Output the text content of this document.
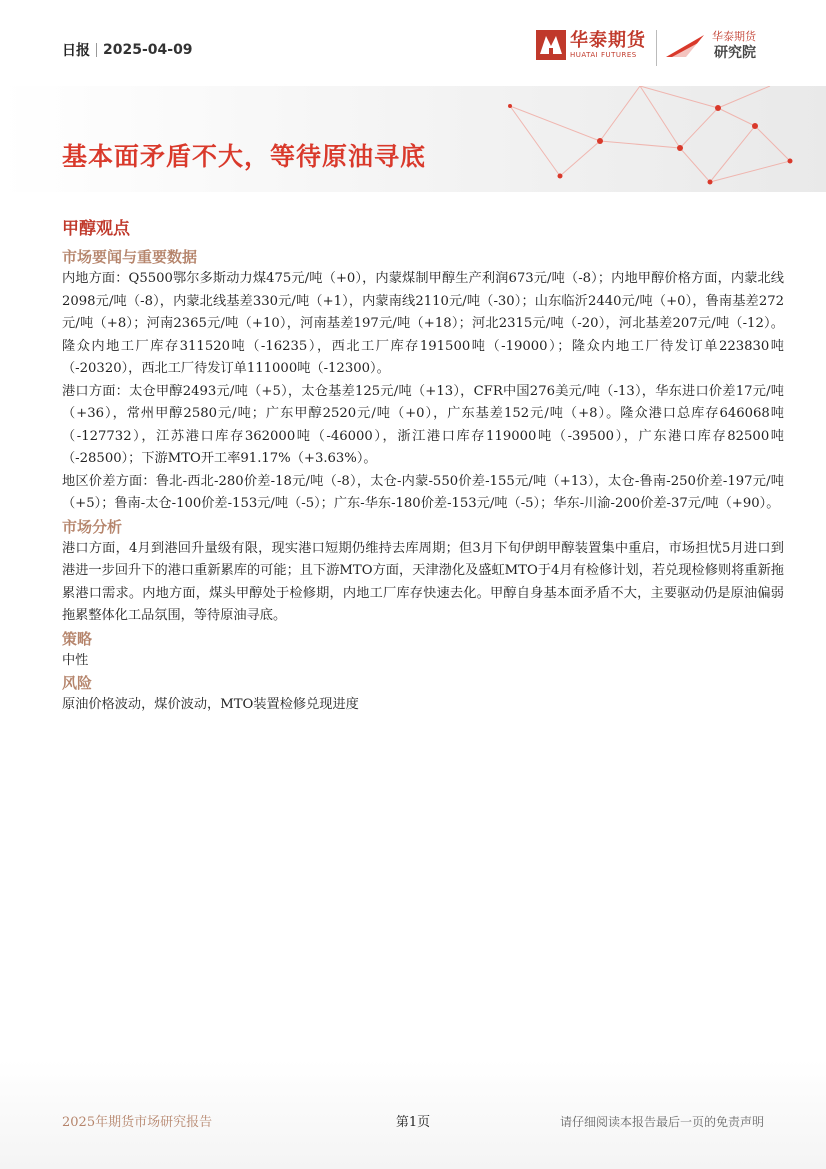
日报 2025-04-09	华泰期货
HUATAI FUTURES
华泰期货
研究院
基本面矛盾不大，等待原油寻底
甲醇观点
市场要闻与重要数据

内地方面：Q5500鄂尔多斯动力煤475元/吨（+0），内蒙煤制甲醇生产利润673元/吨（-8）；内地甲醇价格方面，内蒙北线2098元/吨（-8），内蒙北线基差330元/吨（+1），内蒙南线2110元/吨（-30）；山东临沂2440元/吨（+0），鲁南基差272元/吨（+8）；河南2365元/吨（+10），河南基差197元/吨（+18）；河北2315元/吨（-20），河北基差207元/吨（-12）。隆众内地工厂库存311520吨（-16235），西北工厂库存191500吨（-19000）；隆众内地工厂待发订单223830吨（-20320），西北工厂待发订单111000吨（-12300）。

港口方面：太仓甲醇2493元/吨（+5），太仓基差125元/吨（+13），CFR中国276美元/吨（-13），华东进口价差17元/吨（+36），常州甲醇2580元/吨；广东甲醇2520元/吨（+0），广东基差152元/吨（+8）。隆众港口总库存646068吨（-127732），江苏港口库存362000吨（-46000），浙江港口库存119000吨（-39500），广东港口库存82500吨（-28500）；下游MTO开工率91.17%（+3.63%）。

地区价差方面：鲁北-西北-280价差-18元/吨（-8），太仓-内蒙-550价差-155元/吨（+13），太仓-鲁南-250价差-197元/吨（+5）；鲁南-太仓-100价差-153元/吨（-5）；广东-华东-180价差-153元/吨（-5）；华东-川渝-200价差-37元/吨（+90）。

市场分析

港口方面，4月到港回升量级有限，现实港口短期仍维持去库周期；但3月下旬伊朗甲醇装置集中重启，市场担忧5月进口到港进一步回升下的港口重新累库的可能；且下游MTO方面，天津渤化及盛虹MTO于4月有检修计划，若兑现检修则将重新拖累港口需求。内地方面，煤头甲醇处于检修期，内地工厂库存快速去化。甲醇自身基本面矛盾不大，主要驱动仍是原油偏弱拖累整体化工品氛围，等待原油寻底。

策略

中性

风险

原油价格波动，煤价波动，MTO装置检修兑现进度

2025年期货市场研究报告	第1页	请仔细阅读本报告最后一页的免责声明
